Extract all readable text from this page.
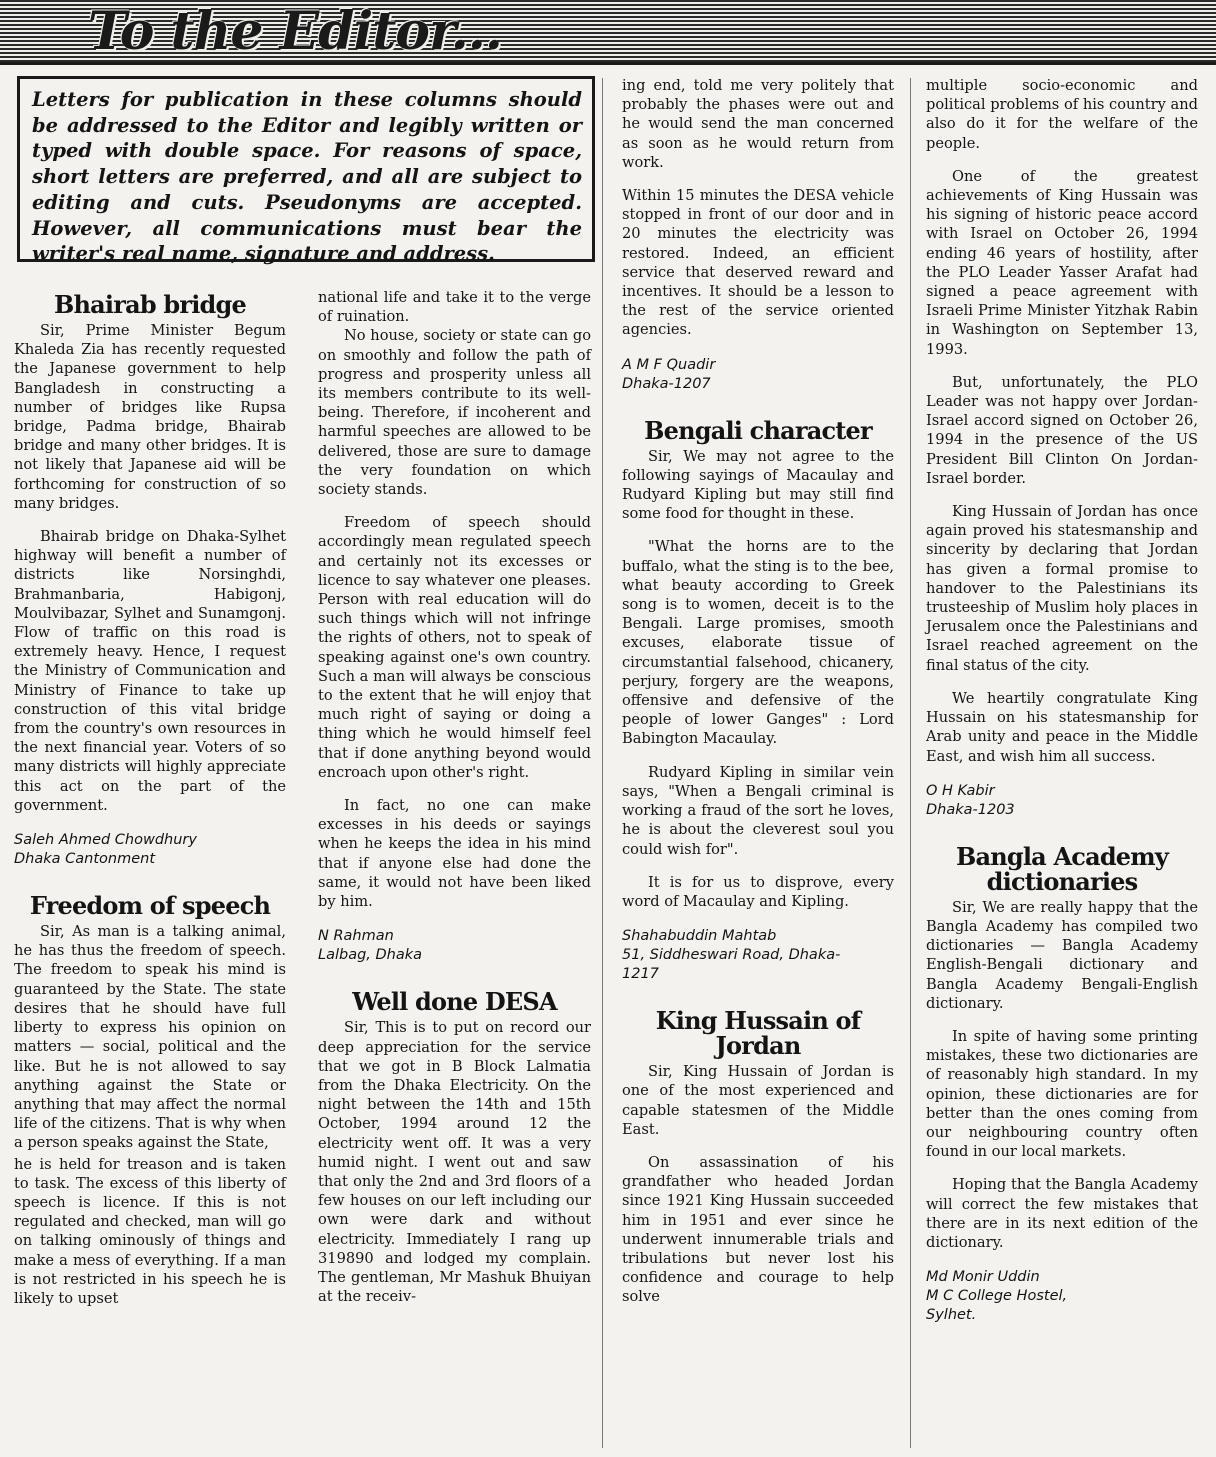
To the Editor...
Letters for publication in these columns should be addressed to the Editor and legibly written or typed with double space. For reasons of space, short letters are preferred, and all are subject to editing and cuts. Pseudonyms are accepted. However, all communications must bear the writer's real name, signature and address.
Bhairab bridge

Sir, Prime Minister Begum Khaleda Zia has recently requested the Japanese government to help Bangladesh in constructing a number of bridges like Rupsa bridge, Padma bridge, Bhairab bridge and many other bridges. It is not likely that Japanese aid will be forthcoming for construction of so many bridges.

Bhairab bridge on Dhaka-Sylhet highway will benefit a number of districts like Norsinghdi, Brahmanbaria, Habigonj, Moulvibazar, Sylhet and Sunamgonj. Flow of traffic on this road is extremely heavy. Hence, I request the Ministry of Communication and Ministry of Finance to take up construction of this vital bridge from the country's own resources in the next financial year. Voters of so many districts will highly appreciate this act on the part of the government.

Saleh Ahmed Chowdhury
Dhaka Cantonment
Freedom of speech

Sir, As man is a talking animal, he has thus the freedom of speech. The freedom to speak his mind is guaranteed by the State. The state desires that he should have full liberty to express his opinion on matters — social, political and the like. But he is not allowed to say anything against the State or anything that may affect the normal life of the citizens. That is why when a person speaks against the State,

he is held for treason and is taken to task. The excess of this liberty of speech is licence. If this is not regulated and checked, man will go on talking ominously of things and make a mess of everything. If a man is not restricted in his speech he is likely to upset

national life and take it to the verge of ruination.

No house, society or state can go on smoothly and follow the path of progress and prosperity unless all its members contribute to its well-being. Therefore, if incoherent and harmful speeches are allowed to be delivered, those are sure to damage the very foundation on which society stands.

Freedom of speech should accordingly mean regulated speech and certainly not its excesses or licence to say whatever one pleases. Person with real education will do such things which will not infringe the rights of others, not to speak of speaking against one's own country. Such a man will always be conscious to the extent that he will enjoy that much right of saying or doing a thing which he would himself feel that if done anything beyond would encroach upon other's right.

In fact, no one can make excesses in his deeds or sayings when he keeps the idea in his mind that if anyone else had done the same, it would not have been liked by him.

N Rahman
Lalbag, Dhaka
Well done DESA

Sir, This is to put on record our deep appreciation for the service that we got in B Block Lalmatia from the Dhaka Electricity. On the night between the 14th and 15th October, 1994 around 12 the electricity went off. It was a very humid night. I went out and saw that only the 2nd and 3rd floors of a few houses on our left including our own were dark and without electricity. Immediately I rang up 319890 and lodged my complain. The gentleman, Mr Mashuk Bhuiyan at the receiv-

ing end, told me very politely that probably the phases were out and he would send the man concerned as soon as he would return from work.

Within 15 minutes the DESA vehicle stopped in front of our door and in 20 minutes the electricity was restored. Indeed, an efficient service that deserved reward and incentives. It should be a lesson to the rest of the service oriented agencies.

A M F Quadir
Dhaka-1207
Bengali character

Sir, We may not agree to the following sayings of Macaulay and Rudyard Kipling but may still find some food for thought in these.

"What the horns are to the buffalo, what the sting is to the bee, what beauty according to Greek song is to women, deceit is to the Bengali. Large promises, smooth excuses, elaborate tissue of circumstantial falsehood, chicanery, perjury, forgery are the weapons, offensive and defensive of the people of lower Ganges" : Lord Babington Macaulay.

Rudyard Kipling in similar vein says, "When a Bengali criminal is working a fraud of the sort he loves, he is about the cleverest soul you could wish for".

It is for us to disprove, every word of Macaulay and Kipling.

Shahabuddin Mahtab
51, Siddheswari Road, Dhaka-
1217
King Hussain of Jordan

Sir, King Hussain of Jordan is one of the most experienced and capable statesmen of the Middle East.

On assassination of his grandfather who headed Jordan since 1921 King Hussain succeeded him in 1951 and ever since he underwent innumerable trials and tribulations but never lost his confidence and courage to help solve

multiple socio-economic and political problems of his country and also do it for the welfare of the people.

One of the greatest achievements of King Hussain was his signing of historic peace accord with Israel on October 26, 1994 ending 46 years of hostility, after the PLO Leader Yasser Arafat had signed a peace agreement with Israeli Prime Minister Yitzhak Rabin in Washington on September 13, 1993.

But, unfortunately, the PLO Leader was not happy over Jordan-Israel accord signed on October 26, 1994 in the presence of the US President Bill Clinton On Jordan-Israel border.

King Hussain of Jordan has once again proved his statesmanship and sincerity by declaring that Jordan has given a formal promise to handover to the Palestinians its trusteeship of Muslim holy places in Jerusalem once the Palestinians and Israel reached agreement on the final status of the city.

We heartily congratulate King Hussain on his statesmanship for Arab unity and peace in the Middle East, and wish him all success.

O H Kabir
Dhaka-1203
Bangla Academy dictionaries

Sir, We are really happy that the Bangla Academy has compiled two dictionaries — Bangla Academy English-Bengali dictionary and Bangla Academy Bengali-English dictionary.

In spite of having some printing mistakes, these two dictionaries are of reasonably high standard. In my opinion, these dictionaries are for better than the ones coming from our neighbouring country often found in our local markets.

Hoping that the Bangla Academy will correct the few mistakes that there are in its next edition of the dictionary.

Md Monir Uddin
M C College Hostel,
Sylhet.
